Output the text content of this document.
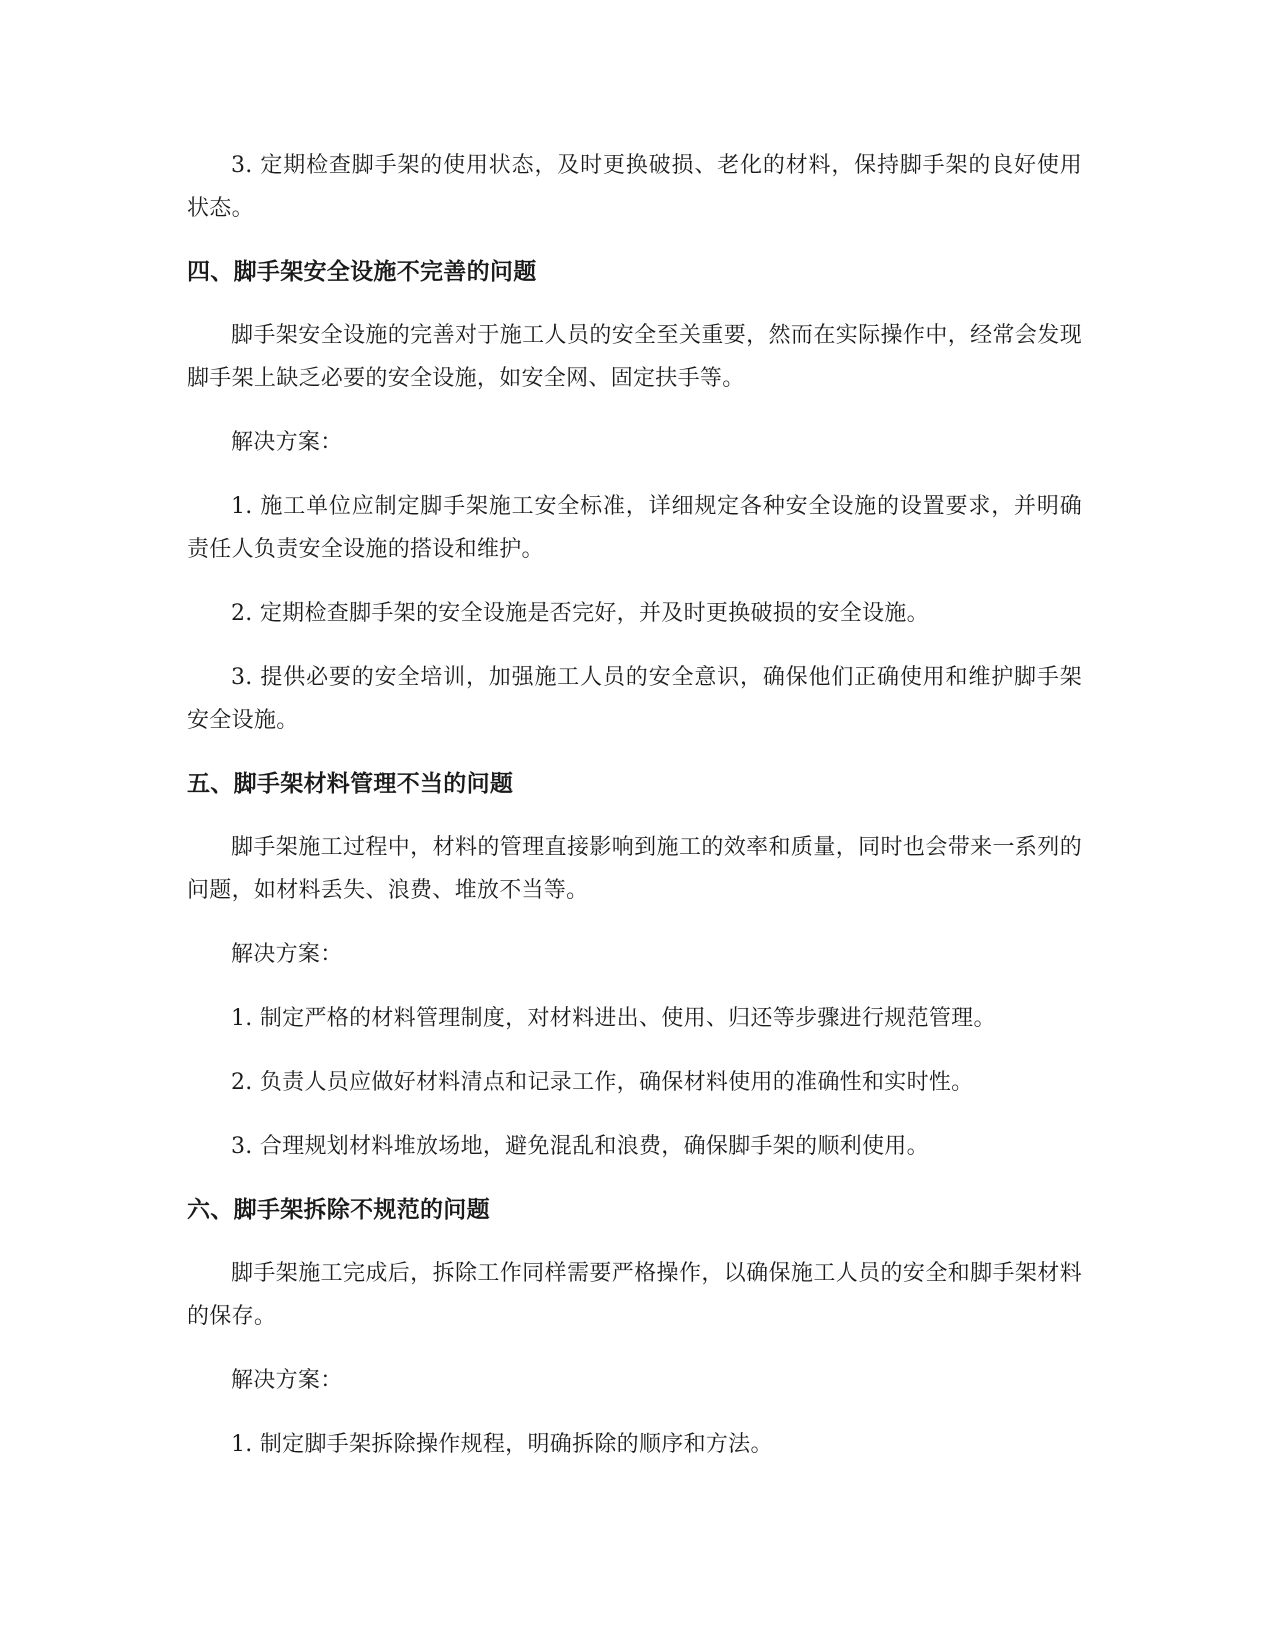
3. 定期检查脚手架的使用状态，及时更换破损、老化的材料，保持脚手架的良好使用状态。

四、脚手架安全设施不完善的问题

脚手架安全设施的完善对于施工人员的安全至关重要，然而在实际操作中，经常会发现脚手架上缺乏必要的安全设施，如安全网、固定扶手等。

解决方案：

1. 施工单位应制定脚手架施工安全标准，详细规定各种安全设施的设置要求，并明确责任人负责安全设施的搭设和维护。

2. 定期检查脚手架的安全设施是否完好，并及时更换破损的安全设施。

3. 提供必要的安全培训，加强施工人员的安全意识，确保他们正确使用和维护脚手架安全设施。

五、脚手架材料管理不当的问题

脚手架施工过程中，材料的管理直接影响到施工的效率和质量，同时也会带来一系列的问题，如材料丢失、浪费、堆放不当等。

解决方案：

1. 制定严格的材料管理制度，对材料进出、使用、归还等步骤进行规范管理。

2. 负责人员应做好材料清点和记录工作，确保材料使用的准确性和实时性。

3. 合理规划材料堆放场地，避免混乱和浪费，确保脚手架的顺利使用。

六、脚手架拆除不规范的问题

脚手架施工完成后，拆除工作同样需要严格操作，以确保施工人员的安全和脚手架材料的保存。

解决方案：

1. 制定脚手架拆除操作规程，明确拆除的顺序和方法。
